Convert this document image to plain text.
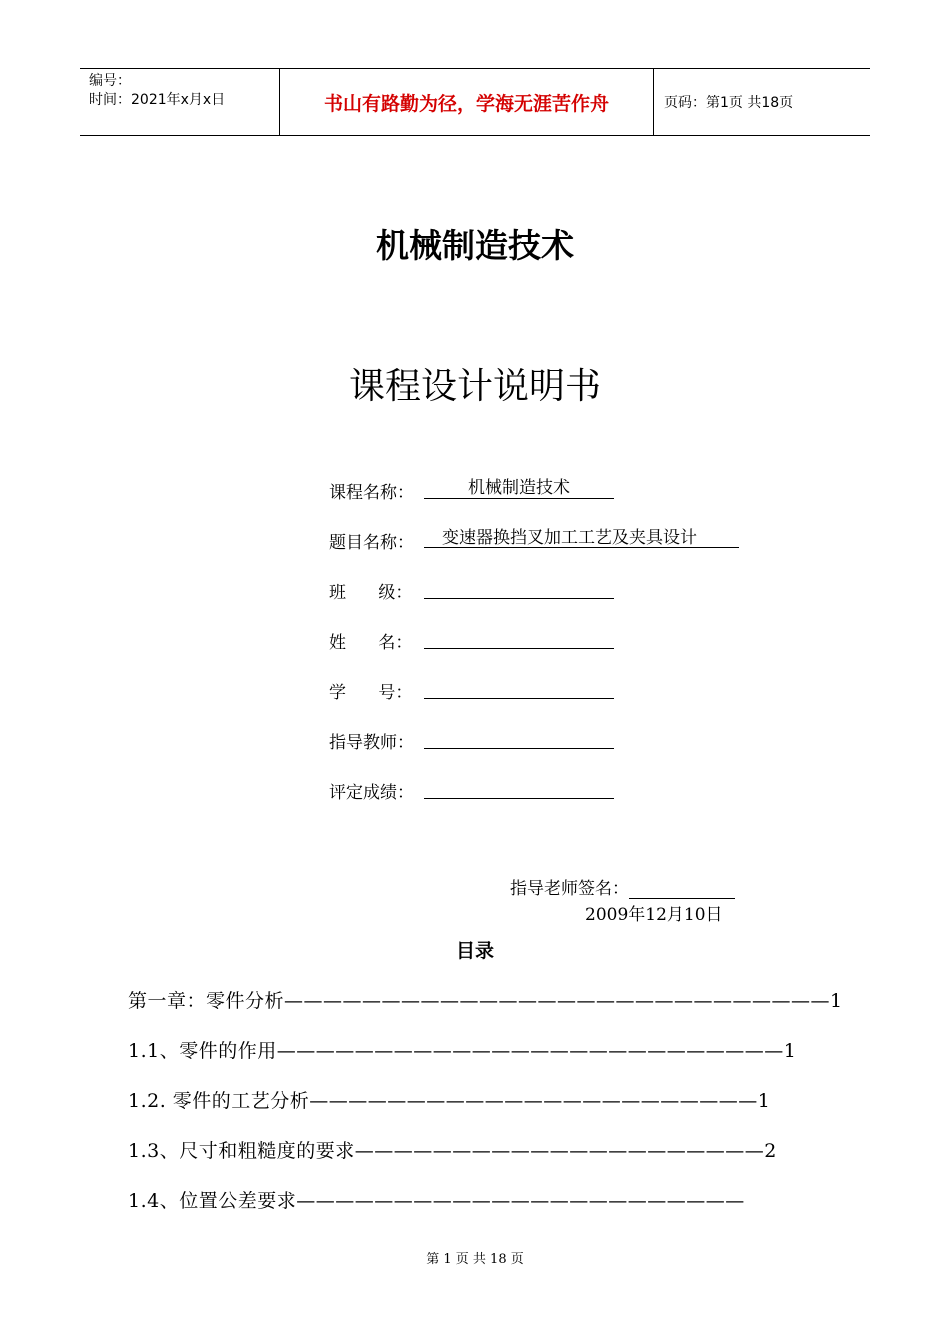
编号：
时间：2021年x月x日	书山有路勤为径，学海无涯苦作舟	页码：第1页 共18页
机械制造技术
课程设计说明书
课程名称：	机械制造技术
题目名称：	变速器换挡叉加工工艺及夹具设计
班      级：
姓      名：
学      号：
指导教师：
评定成绩：
指导老师签名：
2009年12月10日
目录
第一章：零件分析————————————————————————————1
1.1、零件的作用——————————————————————————1
1.2. 零件的工艺分析———————————————————————1
1.3、尺寸和粗糙度的要求—————————————————————2
1.4、位置公差要求———————————————————————
第 1 页 共 18 页
